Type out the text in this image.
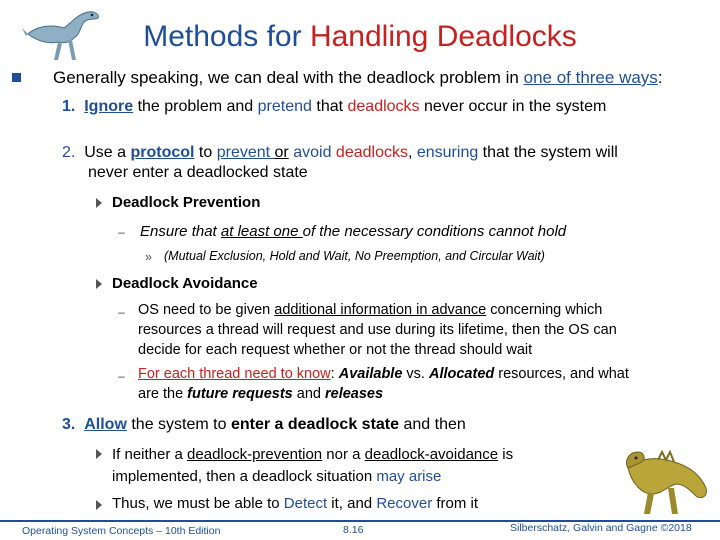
Methods for Handling Deadlocks
Generally speaking, we can deal with the deadlock problem in one of three ways:
1. Ignore the problem and pretend that deadlocks never occur in the system
2. Use a protocol to prevent or avoid deadlocks, ensuring that the system will
never enter a deadlocked state
Deadlock Prevention
– Ensure that at least one of the necessary conditions cannot hold
» (Mutual Exclusion, Hold and Wait, No Preemption, and Circular Wait)
Deadlock Avoidance
– OS need to be given additional information in advance concerning which
resources a thread will request and use during its lifetime, then the OS can
decide for each request whether or not the thread should wait
– For each thread need to know: Available vs. Allocated resources, and what
are the future requests and releases
3. Allow the system to enter a deadlock state and then
If neither a deadlock-prevention nor a deadlock-avoidance is
implemented, then a deadlock situation may arise
Thus, we must be able to Detect it, and Recover from it
Operating System Concepts – 10th Edition	8.16	Silberschatz, Galvin and Gagne ©2018
